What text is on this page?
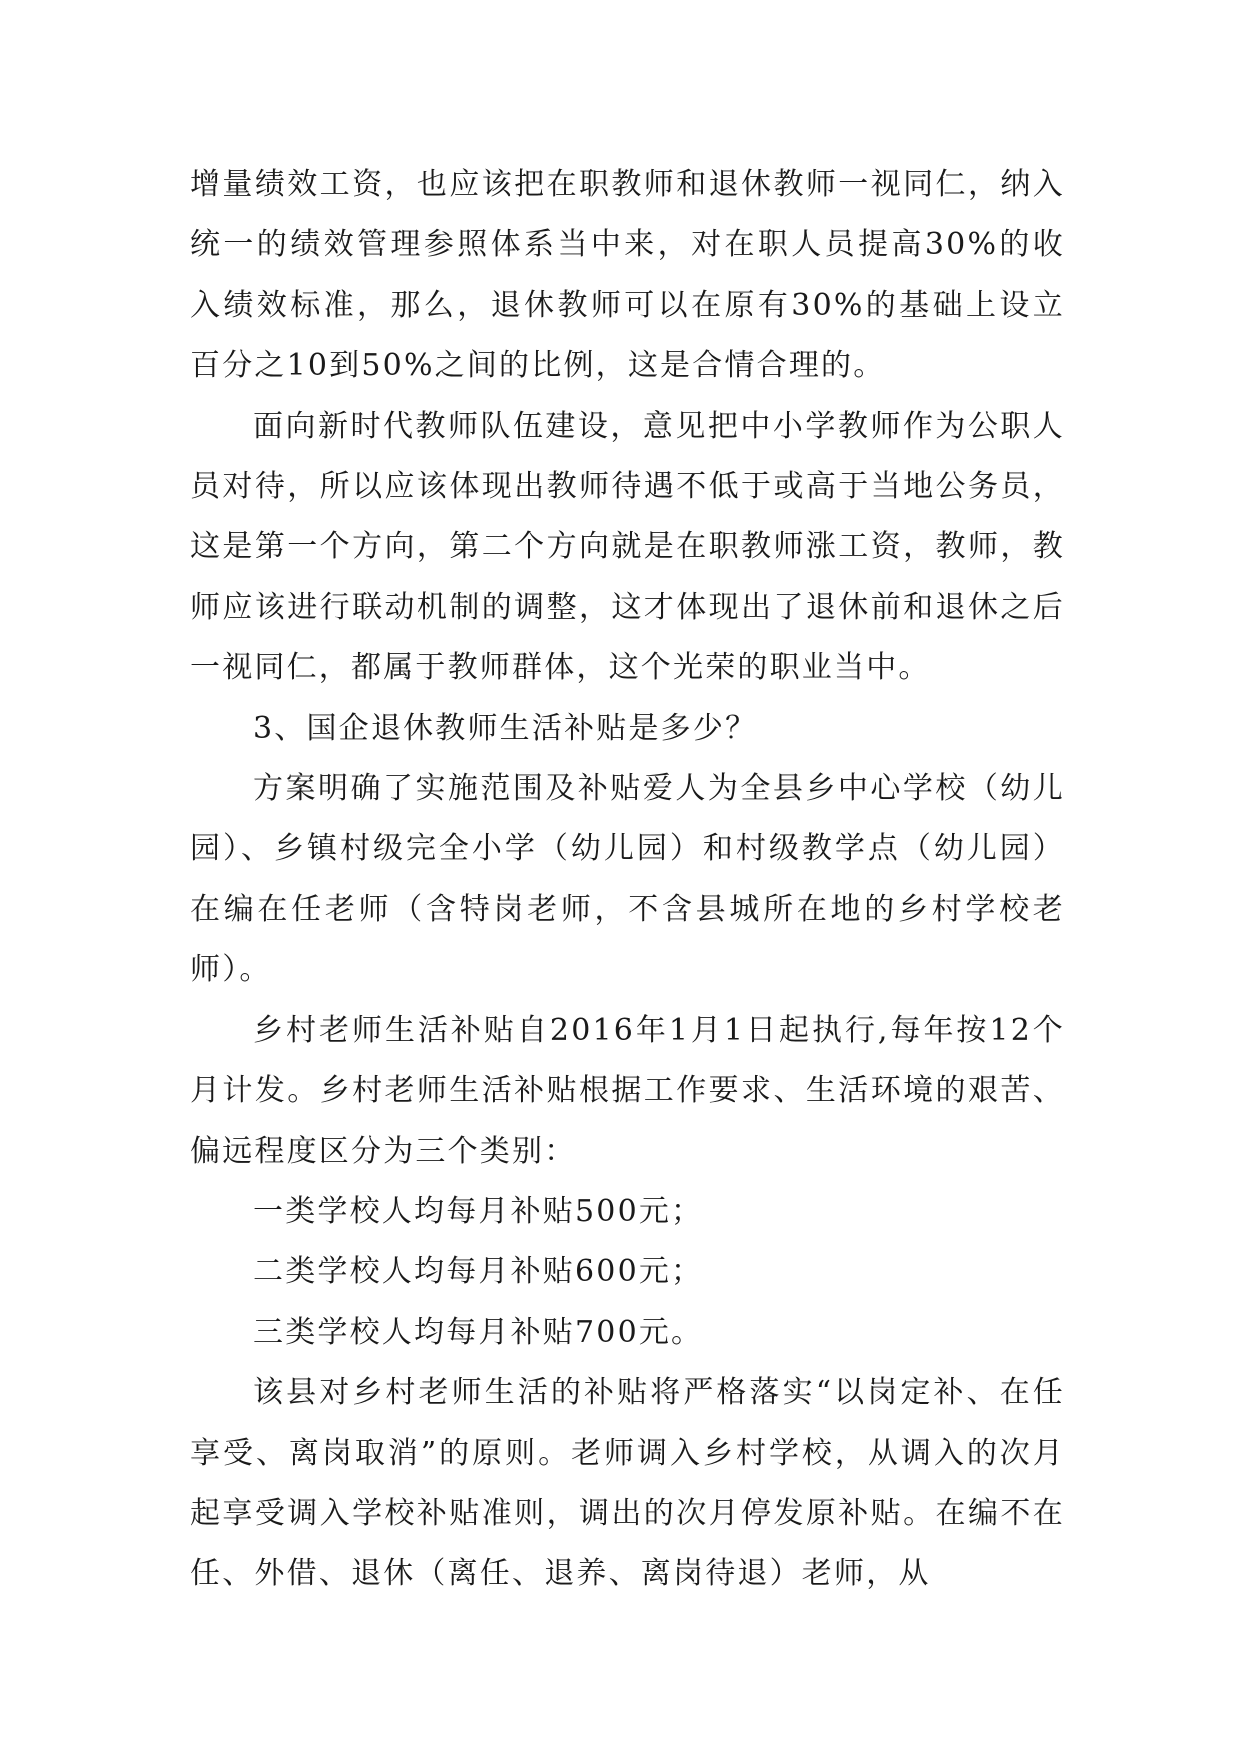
增量绩效工资，也应该把在职教师和退休教师一视同仁，纳入统一的绩效管理参照体系当中来，对在职人员提高30%的收入绩效标准，那么，退休教师可以在原有30%的基础上设立百分之10到50%之间的比例，这是合情合理的。

面向新时代教师队伍建设，意见把中小学教师作为公职人员对待，所以应该体现出教师待遇不低于或高于当地公务员，这是第一个方向，第二个方向就是在职教师涨工资，教师，教师应该进行联动机制的调整，这才体现出了退休前和退休之后一视同仁，都属于教师群体，这个光荣的职业当中。

3、国企退休教师生活补贴是多少？

方案明确了实施范围及补贴爱人为全县乡中心学校（幼儿园）、乡镇村级完全小学（幼儿园）和村级教学点（幼儿园）在编在任老师（含特岗老师，不含县城所在地的乡村学校老师）。

乡村老师生活补贴自2016年1月1日起执行,每年按12个月计发。乡村老师生活补贴根据工作要求、生活环境的艰苦、偏远程度区分为三个类别：

一类学校人均每月补贴500元；

二类学校人均每月补贴600元；

三类学校人均每月补贴700元。

该县对乡村老师生活的补贴将严格落实“以岗定补、在任享受、离岗取消”的原则。老师调入乡村学校，从调入的次月起享受调入学校补贴准则，调出的次月停发原补贴。在编不在任、外借、退休（离任、退养、离岗待退）老师，从
